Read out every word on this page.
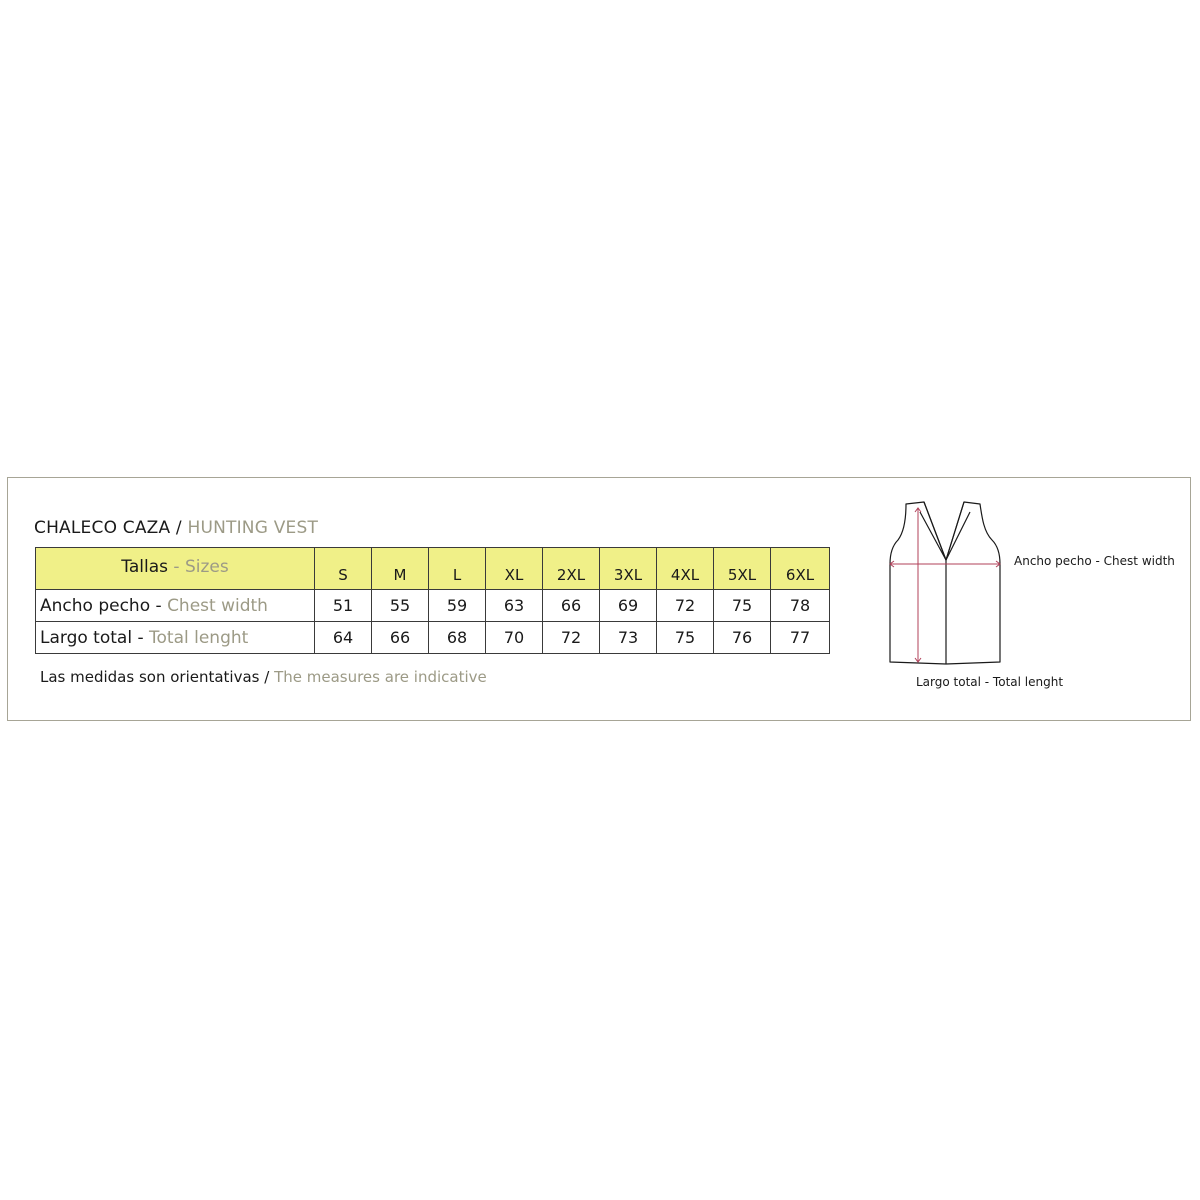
CHALECO CAZA / HUNTING VEST
Tallas - Sizes	S	M	L	XL	2XL	3XL	4XL	5XL	6XL
Ancho pecho - Chest width	51	55	59	63	66	69	72	75	78
Largo total - Total lenght	64	66	68	70	72	73	75	76	77
Las medidas son orientativas / The measures are indicative
Ancho pecho - Chest width
Largo total - Total lenght
